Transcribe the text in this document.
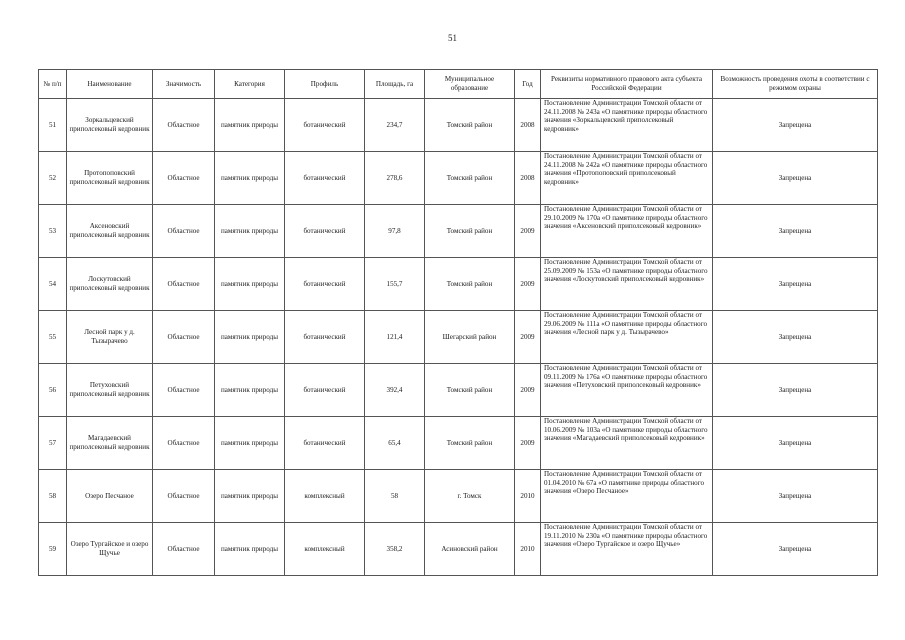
51
№ п/п	Наименование	Значимость	Категория	Профиль	Площадь, га	Муниципальное образование	Год	Реквизиты нормативного правового акта субъекта Российской Федерации	Возможность проведения охоты в соответствии с режимом охраны
51	Зоркальцевский приполсековый кедровник	Областное	памятник природы	ботанический	234,7	Томский район	2008	Постановление Администрации Томской области от 24.11.2008 № 243а «О памятнике природы областного значения «Зоркальцевский приполсековый кедровник»	Запрещена
52	Протопоповский приполсековый кедровник	Областное	памятник природы	ботанический	278,6	Томский район	2008	Постановление Администрации Томской области от 24.11.2008 № 242а «О памятнике природы областного значения «Протопоповский приполсековый кедровник»	Запрещена
53	Аксеновский приполсековый кедровник	Областное	памятник природы	ботанический	97,8	Томский район	2009	Постановление Администрации Томской области от 29.10.2009 № 170а «О памятнике природы областного значения «Аксеновский приполсековый кедровник»	Запрещена
54	Лоскутовский приполсековый кедровник	Областное	памятник природы	ботанический	155,7	Томский район	2009	Постановление Администрации Томской области от 25.09.2009 № 153а «О памятнике природы областного значения «Лоскутовский приполсековый кедровник»	Запрещена
55	Лесной парк у д. Тызырачево	Областное	памятник природы	ботанический	121,4	Шегарский район	2009	Постановление Администрации Томской области от 29.06.2009 № 111а «О памятнике природы областного значения «Лесной парк у д. Тызырачево»	Запрещена
56	Петуховский приполсековый кедровник	Областное	памятник природы	ботанический	392,4	Томский район	2009	Постановление Администрации Томской области от 09.11.2009 № 176а «О памятнике природы областного значения «Петуховский приполсековый кедровник»	Запрещена
57	Магадаевский приполсековый кедровник	Областное	памятник природы	ботанический	65,4	Томский район	2009	Постановление Администрации Томской области от 10.06.2009 № 103а «О памятнике природы областного значения «Магадаевский приполсековый кедровник»	Запрещена
58	Озеро Песчаное	Областное	памятник природы	комплексный	58	г. Томск	2010	Постановление Администрации Томской области от 01.04.2010 № 67а «О памятнике природы областного значения «Озеро Песчаное»	Запрещена
59	Озеро Тургайское и озеро Щучье	Областное	памятник природы	комплексный	358,2	Асиновский район	2010	Постановление Администрации Томской области от 19.11.2010 № 230а «О памятнике природы областного значения «Озеро Тургайское и озеро Щучье»	Запрещена
